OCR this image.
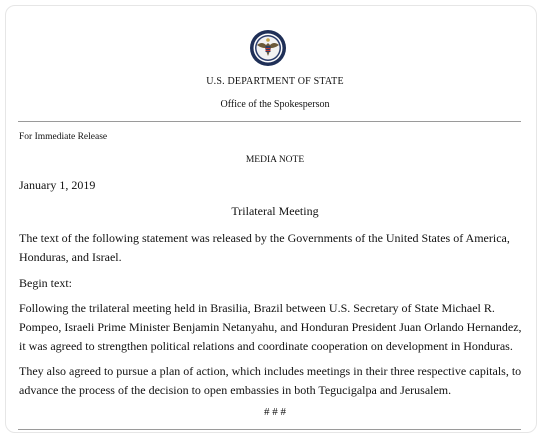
U.S. DEPARTMENT OF STATE
Office of the Spokesperson
For Immediate Release
MEDIA NOTE
January 1, 2019
Trilateral Meeting
The text of the following statement was released by the Governments of the United States of America, Honduras, and Israel.
Begin text:
Following the trilateral meeting held in Brasilia, Brazil between U.S. Secretary of State Michael R. Pompeo, Israeli Prime Minister Benjamin Netanyahu, and Honduran President Juan Orlando Hernandez, it was agreed to strengthen political relations and coordinate cooperation on development in Honduras.
They also agreed to pursue a plan of action, which includes meetings in their three respective capitals, to advance the process of the decision to open embassies in both Tegucigalpa and Jerusalem.
# # #
